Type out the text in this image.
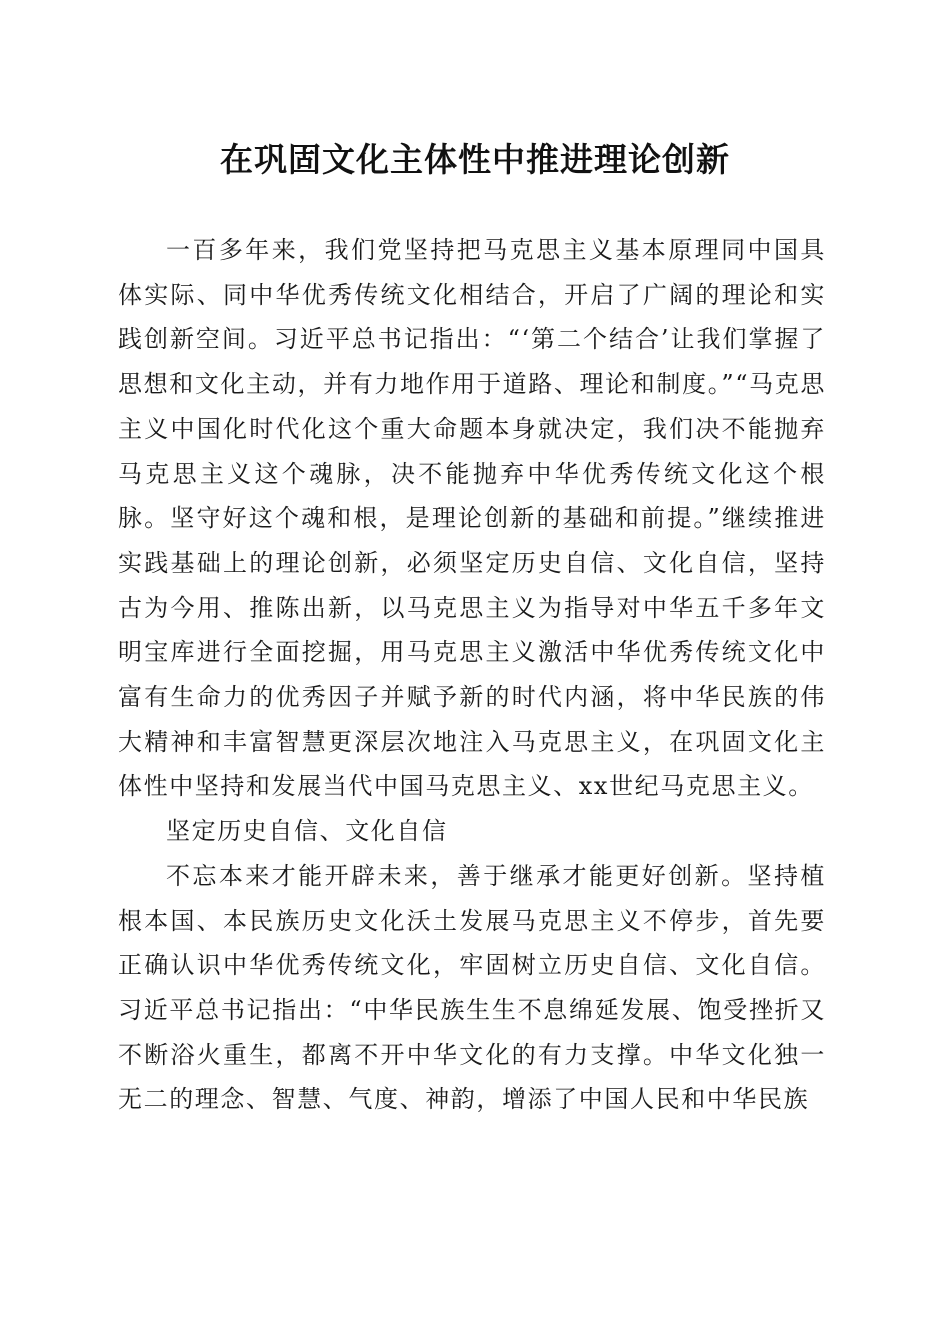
在巩固文化主体性中推进理论创新

一百多年来，我们党坚持把马克思主义基本原理同中国具体实际、同中华优秀传统文化相结合，开启了广阔的理论和实践创新空间。习近平总书记指出：“‘第二个结合’让我们掌握了思想和文化主动，并有力地作用于道路、理论和制度。”“马克思主义中国化时代化这个重大命题本身就决定，我们决不能抛弃马克思主义这个魂脉，决不能抛弃中华优秀传统文化这个根脉。坚守好这个魂和根，是理论创新的基础和前提。”继续推进实践基础上的理论创新，必须坚定历史自信、文化自信，坚持古为今用、推陈出新，以马克思主义为指导对中华五千多年文明宝库进行全面挖掘，用马克思主义激活中华优秀传统文化中富有生命力的优秀因子并赋予新的时代内涵，将中华民族的伟大精神和丰富智慧更深层次地注入马克思主义，在巩固文化主体性中坚持和发展当代中国马克思主义、xx世纪马克思主义。

坚定历史自信、文化自信

不忘本来才能开辟未来，善于继承才能更好创新。坚持植根本国、本民族历史文化沃土发展马克思主义不停步，首先要正确认识中华优秀传统文化，牢固树立历史自信、文化自信。习近平总书记指出：“中华民族生生不息绵延发展、饱受挫折又不断浴火重生，都离不开中华文化的有力支撑。中华文化独一无二的理念、智慧、气度、神韵，增添了中国人民和中华民族
